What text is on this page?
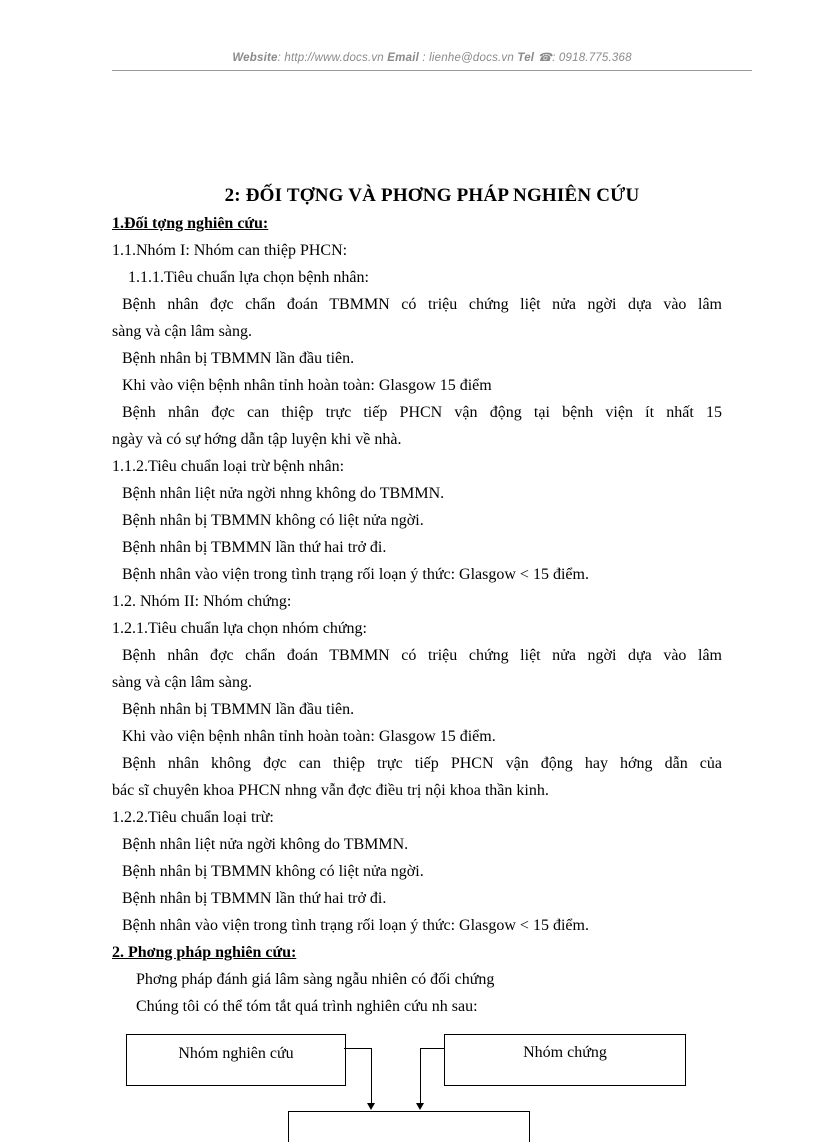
Website: http://www.docs.vn Email : lienhe@docs.vn Tel ☎: 0918.775.368
2: ĐỐI TỢNG VÀ PHƠNG PHÁP NGHIÊN CỨU
1.Đối tợng nghiên cứu:
1.1.Nhóm I: Nhóm can thiệp PHCN:
1.1.1.Tiêu chuẩn lựa chọn bệnh nhân:
Bệnh nhân đợc chẩn đoán TBMMN có triệu chứng liệt nửa ngời dựa vào lâm
sàng và cận lâm sàng.
Bệnh nhân bị TBMMN lần đầu tiên.
Khi vào viện bệnh nhân tỉnh hoàn toàn: Glasgow 15 điểm
Bệnh nhân đợc can thiệp trực tiếp PHCN vận động tại bệnh viện ít nhất 15
ngày và có sự hớng dẫn tập luyện khi về nhà.
1.1.2.Tiêu chuẩn loại trừ bệnh nhân:
Bệnh nhân liệt nửa ngời nhng không do TBMMN.
Bệnh nhân bị TBMMN không có liệt nửa ngời.
Bệnh nhân bị TBMMN lần thứ hai trở đi.
Bệnh nhân vào viện trong tình trạng rối loạn ý thức: Glasgow < 15 điểm.
1.2. Nhóm II: Nhóm chứng:
1.2.1.Tiêu chuẩn lựa chọn nhóm chứng:
Bệnh nhân đợc chẩn đoán TBMMN có triệu chứng liệt nửa ngời dựa vào lâm
sàng và cận lâm sàng.
Bệnh nhân bị TBMMN lần đầu tiên.
Khi vào viện bệnh nhân tỉnh hoàn toàn: Glasgow 15 điểm.
Bệnh nhân không đợc can thiệp trực tiếp PHCN vận động hay hớng dẫn của
bác sĩ chuyên khoa PHCN nhng vẫn đợc điều trị nội khoa thần kinh.
1.2.2.Tiêu chuẩn loại trừ:
Bệnh nhân liệt nửa ngời không do TBMMN.
Bệnh nhân bị TBMMN không có liệt nửa ngời.
Bệnh nhân bị TBMMN lần thứ hai trở đi.
Bệnh nhân vào viện trong tình trạng rối loạn ý thức: Glasgow < 15 điểm.
2. Phơng pháp nghiên cứu:
Phơng pháp đánh giá lâm sàng ngẫu nhiên có đối chứng
Chúng tôi có thể tóm tắt quá trình nghiên cứu nh sau:
Nhóm nghiên cứu	Nhóm chứng
